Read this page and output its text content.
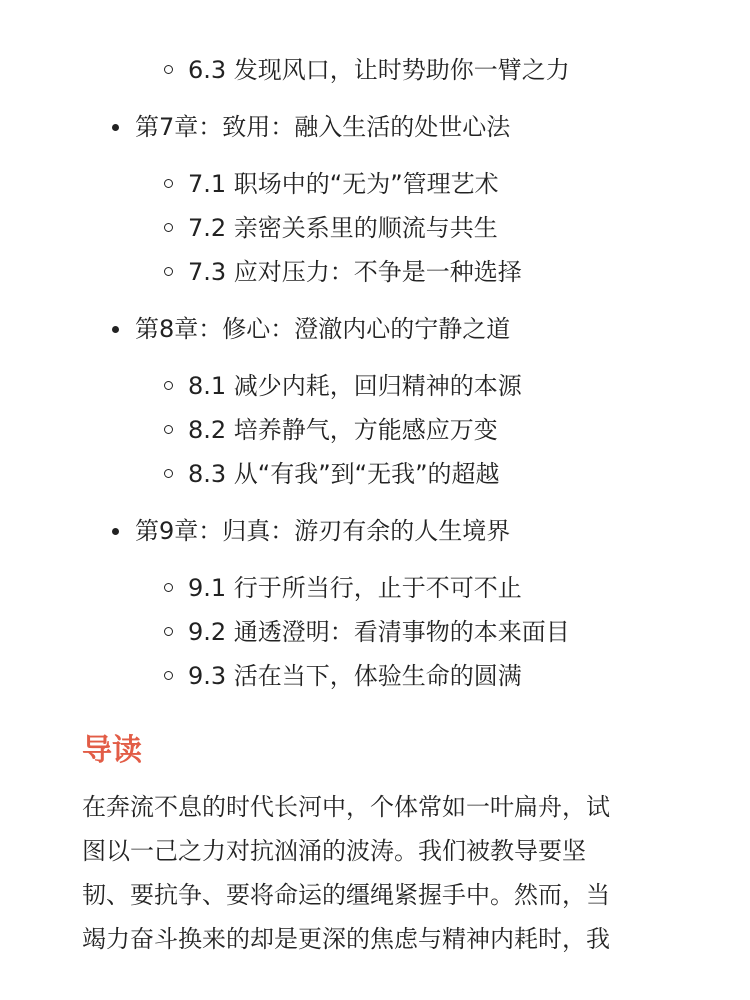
6.3 发现风口，让时势助你一臂之力
第7章：致用：融入生活的处世心法
7.1 职场中的“无为”管理艺术
7.2 亲密关系里的顺流与共生
7.3 应对压力：不争是一种选择
第8章：修心：澄澈内心的宁静之道
8.1 减少内耗，回归精神的本源
8.2 培养静气，方能感应万变
8.3 从“有我”到“无我”的超越
第9章：归真：游刃有余的人生境界
9.1 行于所当行，止于不可不止
9.2 通透澄明：看清事物的本来面目
9.3 活在当下，体验生命的圆满
导读

在奔流不息的时代长河中，个体常如一叶扁舟，试
图以一己之力对抗汹涌的波涛。我们被教导要坚
韧、要抗争、要将命运的缰绳紧握手中。然而，当
竭力奋斗换来的却是更深的焦虑与精神内耗时，我
